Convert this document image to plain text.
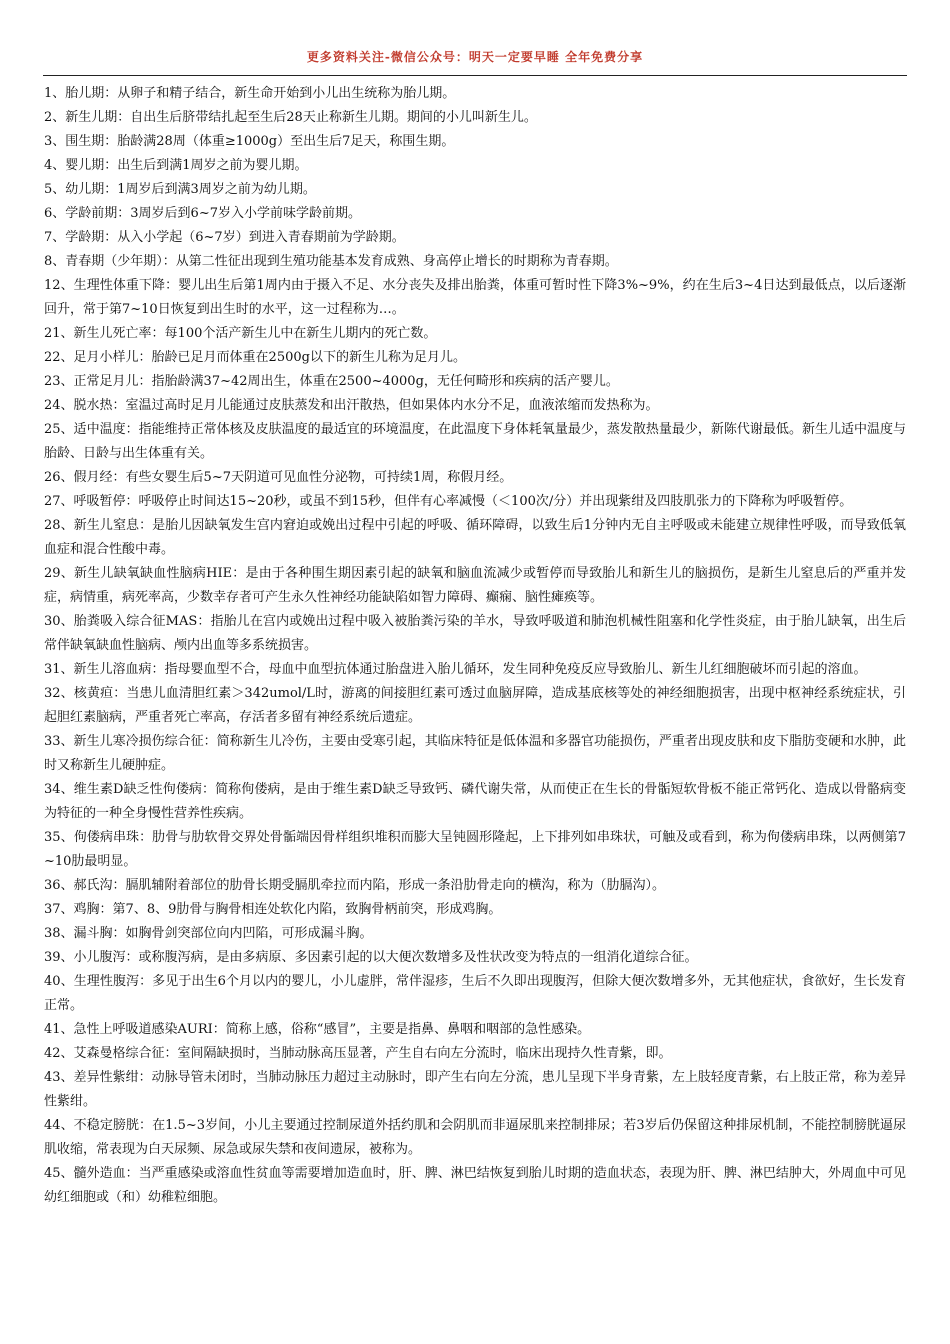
更多资料关注-微信公众号：明天一定要早睡 全年免费分享

1、胎儿期：从卵子和精子结合，新生命开始到小儿出生统称为胎儿期。

2、新生儿期：自出生后脐带结扎起至生后28天止称新生儿期。期间的小儿叫新生儿。

3、围生期：胎龄满28周（体重≥1000g）至出生后7足天，称围生期。

4、婴儿期：出生后到满1周岁之前为婴儿期。

5、幼儿期：1周岁后到满3周岁之前为幼儿期。

6、学龄前期：3周岁后到6~7岁入小学前味学龄前期。

7、学龄期：从入小学起（6~7岁）到进入青春期前为学龄期。

8、青春期（少年期）：从第二性征出现到生殖功能基本发育成熟、身高停止增长的时期称为青春期。

12、生理性体重下降：婴儿出生后第1周内由于摄入不足、水分丧失及排出胎粪，体重可暂时性下降3%~9%，约在生后3~4日达到最低点，以后逐渐回升，常于第7~10日恢复到出生时的水平，这一过程称为…。

21、新生儿死亡率：每100个活产新生儿中在新生儿期内的死亡数。

22、足月小样儿：胎龄已足月而体重在2500g以下的新生儿称为足月儿。

23、正常足月儿：指胎龄满37~42周出生，体重在2500~4000g，无任何畸形和疾病的活产婴儿。

24、脱水热：室温过高时足月儿能通过皮肤蒸发和出汗散热，但如果体内水分不足，血液浓缩而发热称为。

25、适中温度：指能维持正常体核及皮肤温度的最适宜的环境温度，在此温度下身体耗氧量最少，蒸发散热量最少，新陈代谢最低。新生儿适中温度与胎龄、日龄与出生体重有关。

26、假月经：有些女婴生后5~7天阴道可见血性分泌物，可持续1周，称假月经。

27、呼吸暂停：呼吸停止时间达15~20秒，或虽不到15秒，但伴有心率减慢（＜100次/分）并出现紫绀及四肢肌张力的下降称为呼吸暂停。

28、新生儿窒息：是胎儿因缺氧发生宫内窘迫或娩出过程中引起的呼吸、循环障碍，以致生后1分钟内无自主呼吸或未能建立规律性呼吸，而导致低氧血症和混合性酸中毒。

29、新生儿缺氧缺血性脑病HIE：是由于各种围生期因素引起的缺氧和脑血流减少或暂停而导致胎儿和新生儿的脑损伤，是新生儿窒息后的严重并发症，病情重，病死率高，少数幸存者可产生永久性神经功能缺陷如智力障碍、癫痫、脑性瘫痪等。

30、胎粪吸入综合征MAS：指胎儿在宫内或娩出过程中吸入被胎粪污染的羊水，导致呼吸道和肺泡机械性阻塞和化学性炎症，由于胎儿缺氧，出生后常伴缺氧缺血性脑病、颅内出血等多系统损害。

31、新生儿溶血病：指母婴血型不合，母血中血型抗体通过胎盘进入胎儿循环，发生同种免疫反应导致胎儿、新生儿红细胞破坏而引起的溶血。

32、核黄疸：当患儿血清胆红素＞342umol/L时，游离的间接胆红素可透过血脑屏障，造成基底核等处的神经细胞损害，出现中枢神经系统症状，引起胆红素脑病，严重者死亡率高，存活者多留有神经系统后遗症。

33、新生儿寒冷损伤综合征：简称新生儿冷伤，主要由受寒引起，其临床特征是低体温和多器官功能损伤，严重者出现皮肤和皮下脂肪变硬和水肿，此时又称新生儿硬肿症。

34、维生素D缺乏性佝偻病：简称佝偻病，是由于维生素D缺乏导致钙、磷代谢失常，从而使正在生长的骨骺短软骨板不能正常钙化、造成以骨骼病变为特征的一种全身慢性营养性疾病。

35、佝偻病串珠：肋骨与肋软骨交界处骨骺端因骨样组织堆积而膨大呈钝圆形隆起，上下排列如串珠状，可触及或看到，称为佝偻病串珠，以两侧第7~10肋最明显。

36、郝氏沟：膈肌辅附着部位的肋骨长期受膈肌牵拉而内陷，形成一条沿肋骨走向的横沟，称为（肋膈沟）。

37、鸡胸：第7、8、9肋骨与胸骨相连处软化内陷，致胸骨柄前突，形成鸡胸。

38、漏斗胸：如胸骨剑突部位向内凹陷，可形成漏斗胸。

39、小儿腹泻：或称腹泻病，是由多病原、多因素引起的以大便次数增多及性状改变为特点的一组消化道综合征。

40、生理性腹泻：多见于出生6个月以内的婴儿，小儿虚胖，常伴湿疹，生后不久即出现腹泻，但除大便次数增多外，无其他症状，食欲好，生长发育正常。

41、急性上呼吸道感染AURI：简称上感，俗称“感冒”，主要是指鼻、鼻咽和咽部的急性感染。

42、艾森曼格综合征：室间隔缺损时，当肺动脉高压显著，产生自右向左分流时，临床出现持久性青紫，即。

43、差异性紫绀：动脉导管未闭时，当肺动脉压力超过主动脉时，即产生右向左分流，患儿呈现下半身青紫，左上肢轻度青紫，右上肢正常，称为差异性紫绀。

44、不稳定膀胱：在1.5~3岁间，小儿主要通过控制尿道外括约肌和会阴肌而非逼尿肌来控制排尿；若3岁后仍保留这种排尿机制，不能控制膀胱逼尿肌收缩，常表现为白天尿频、尿急或尿失禁和夜间遗尿，被称为。

45、髓外造血：当严重感染或溶血性贫血等需要增加造血时，肝、脾、淋巴结恢复到胎儿时期的造血状态，表现为肝、脾、淋巴结肿大，外周血中可见幼红细胞或（和）幼稚粒细胞。
